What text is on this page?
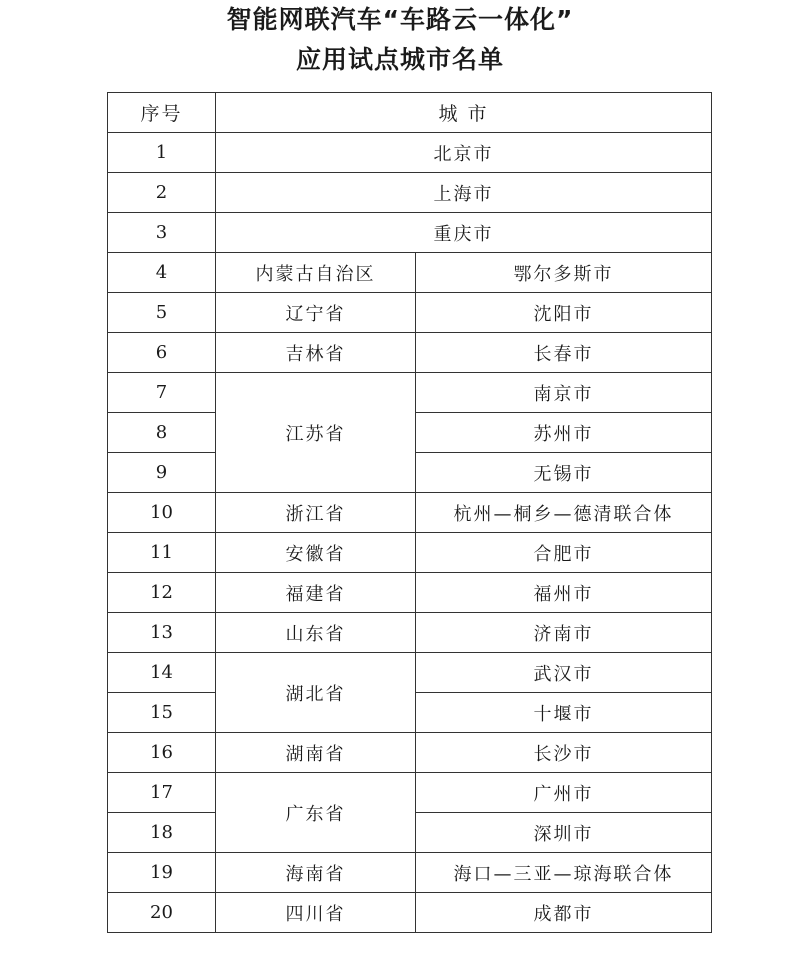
智能网联汽车“车路云一体化”
应用试点城市名单
序号	城 市	
1	北京市	
2	上海市	
3	重庆市	
4	内蒙古自治区	鄂尔多斯市
5	辽宁省	沈阳市
6	吉林省	长春市
7	江苏省	南京市
8		苏州市
9		无锡市
10	浙江省	杭州—桐乡—德清联合体
11	安徽省	合肥市
12	福建省	福州市
13	山东省	济南市
14	湖北省	武汉市
15		十堰市
16	湖南省	长沙市
17	广东省	广州市
18		深圳市
19	海南省	海口—三亚—琼海联合体
20	四川省	成都市
